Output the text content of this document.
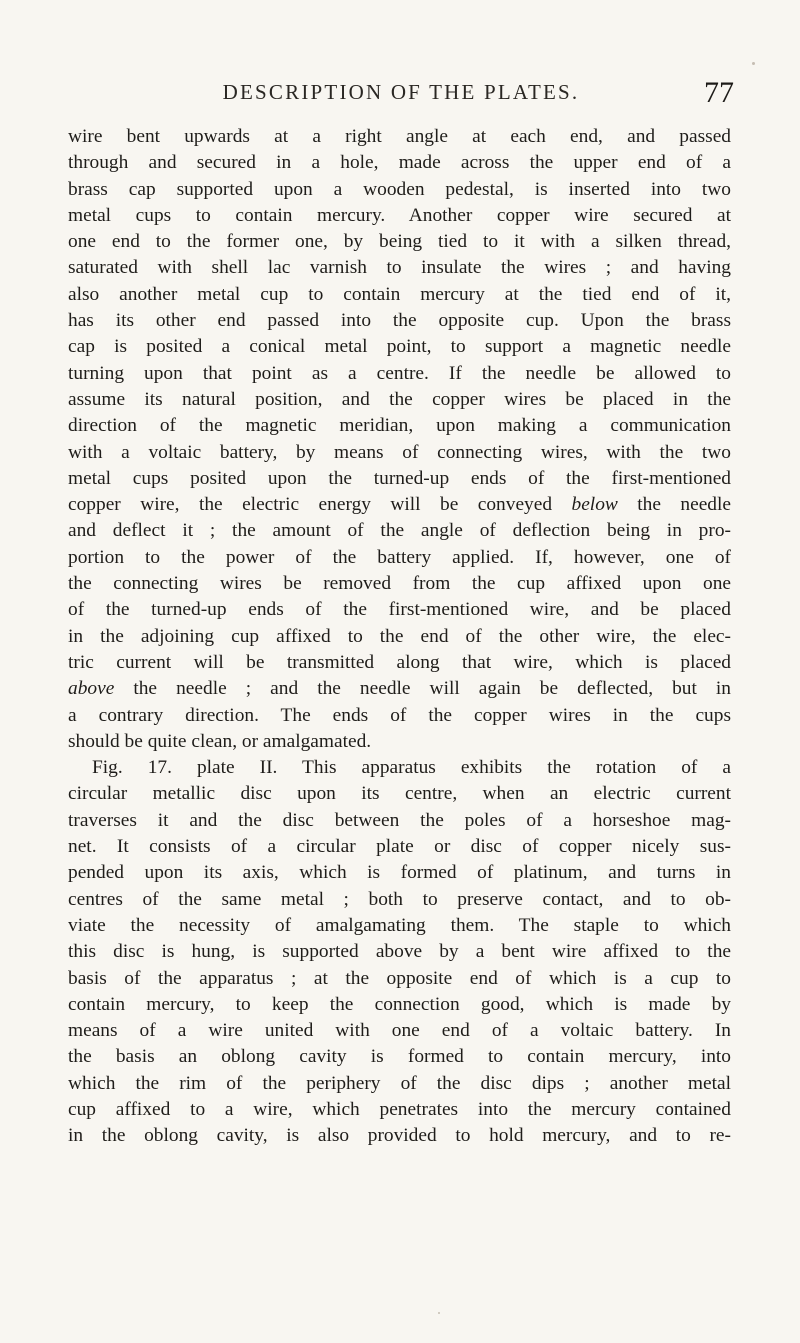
DESCRIPTION OF THE PLATES.	77
wire bent upwards at a right angle at each end, and passed
through and secured in a hole, made across the upper end of a
brass cap supported upon a wooden pedestal, is inserted into two
metal cups to contain mercury. Another copper wire secured at
one end to the former one, by being tied to it with a silken thread,
saturated with shell lac varnish to insulate the wires ; and having
also another metal cup to contain mercury at the tied end of it,
has its other end passed into the opposite cup. Upon the brass
cap is posited a conical metal point, to support a magnetic needle
turning upon that point as a centre. If the needle be allowed to
assume its natural position, and the copper wires be placed in the
direction of the magnetic meridian, upon making a communication
with a voltaic battery, by means of connecting wires, with the two
metal cups posited upon the turned-up ends of the first-mentioned
copper wire, the electric energy will be conveyed below the needle
and deflect it ; the amount of the angle of deflection being in pro-
portion to the power of the battery applied. If, however, one of
the connecting wires be removed from the cup affixed upon one
of the turned-up ends of the first-mentioned wire, and be placed
in the adjoining cup affixed to the end of the other wire, the elec-
tric current will be transmitted along that wire, which is placed
above the needle ; and the needle will again be deflected, but in
a contrary direction. The ends of the copper wires in the cups
should be quite clean, or amalgamated.
Fig. 17. plate II. This apparatus exhibits the rotation of a
circular metallic disc upon its centre, when an electric current
traverses it and the disc between the poles of a horseshoe mag-
net. It consists of a circular plate or disc of copper nicely sus-
pended upon its axis, which is formed of platinum, and turns in
centres of the same metal ; both to preserve contact, and to ob-
viate the necessity of amalgamating them. The staple to which
this disc is hung, is supported above by a bent wire affixed to the
basis of the apparatus ; at the opposite end of which is a cup to
contain mercury, to keep the connection good, which is made by
means of a wire united with one end of a voltaic battery. In
the basis an oblong cavity is formed to contain mercury, into
which the rim of the periphery of the disc dips ; another metal
cup affixed to a wire, which penetrates into the mercury contained
in the oblong cavity, is also provided to hold mercury, and to re-
